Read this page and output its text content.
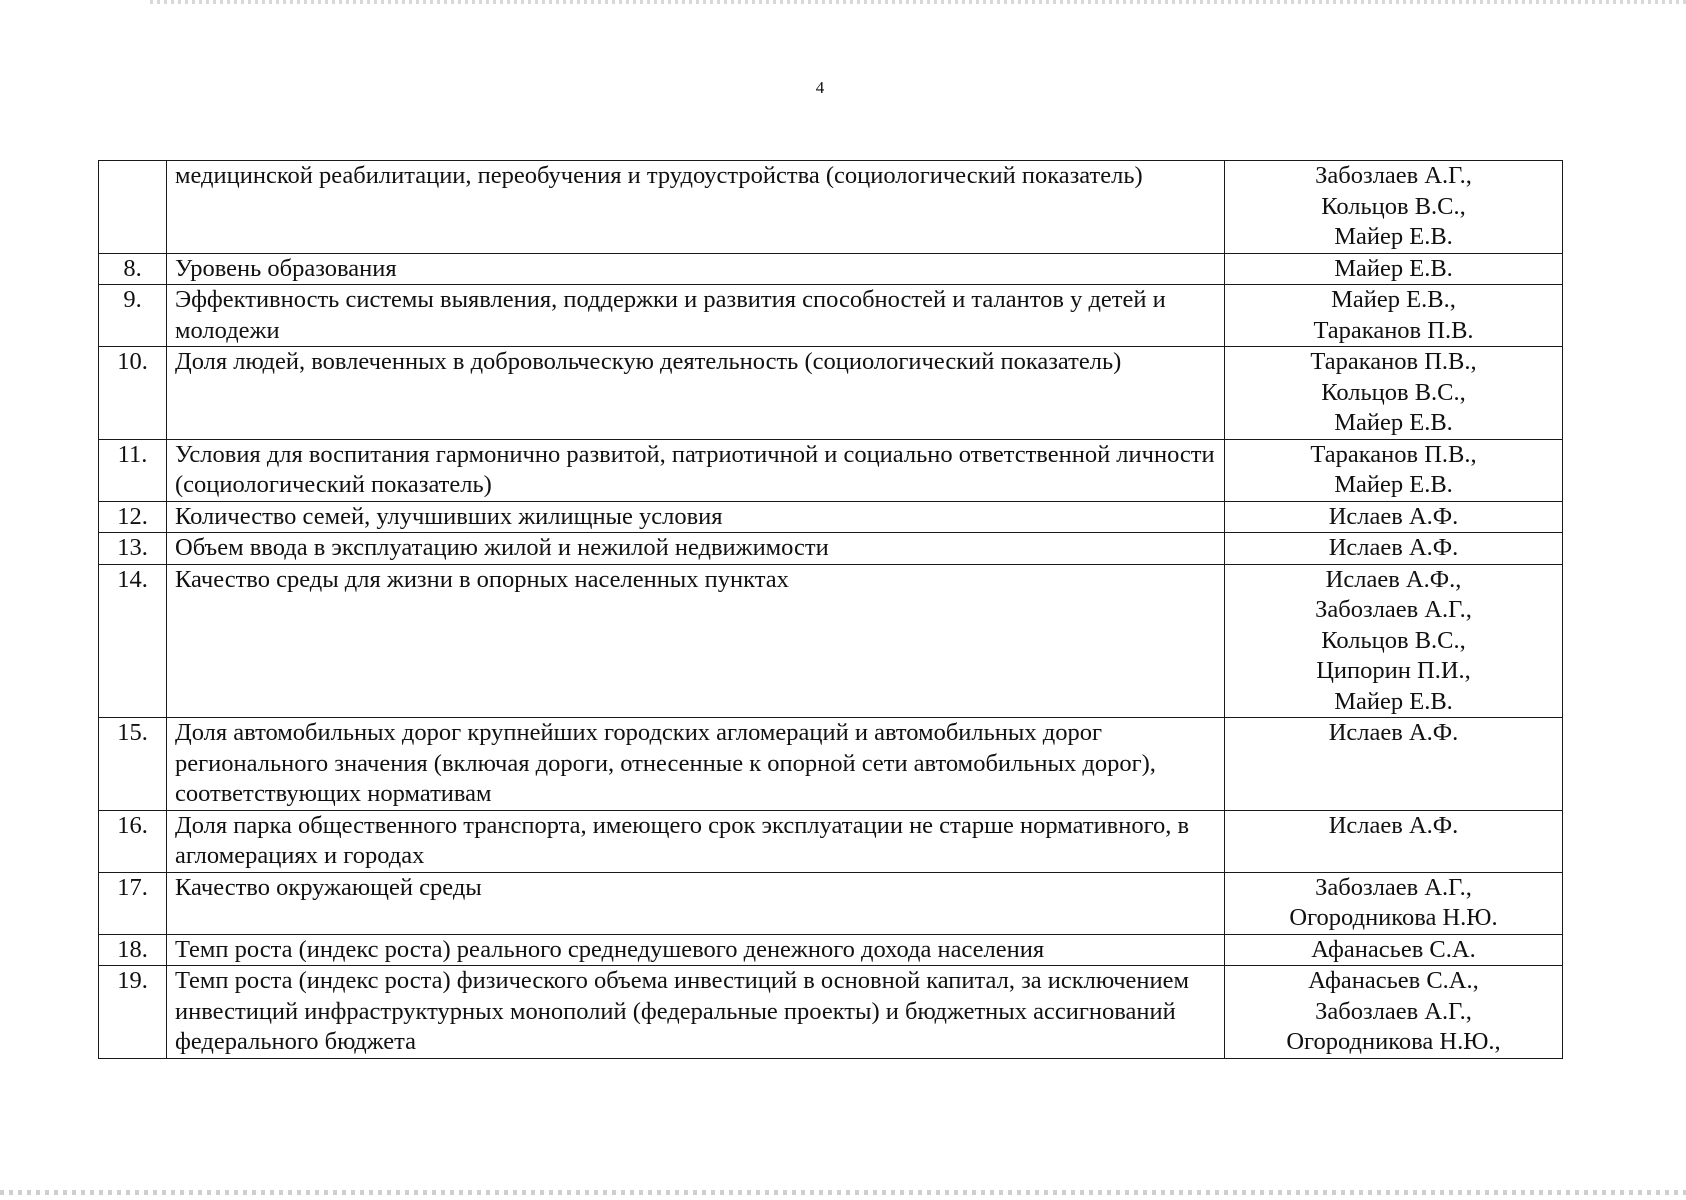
4
	медицинской реабилитации, переобучения и трудоустройства (социологический показатель)	Забозлаев А.Г.,
Кольцов В.С.,
Майер Е.В.

8.	Уровень образования	Майер Е.В.

9.	Эффективность системы выявления, поддержки и развития способностей и талантов у детей и молодежи	Майер Е.В.,
Тараканов П.В.

10.	Доля людей, вовлеченных в добровольческую деятельность (социологический показатель)	Тараканов П.В.,
Кольцов В.С.,
Майер Е.В.

11.	Условия для воспитания гармонично развитой, патриотичной и социально ответственной личности (социологический показатель)	Тараканов П.В.,
Майер Е.В.

12.	Количество семей, улучшивших жилищные условия	Ислаев А.Ф.

13.	Объем ввода в эксплуатацию жилой и нежилой недвижимости	Ислаев А.Ф.

14.	Качество среды для жизни в опорных населенных пунктах	Ислаев А.Ф.,
Забозлаев А.Г.,
Кольцов В.С.,
Ципорин П.И.,
Майер Е.В.

15.	Доля автомобильных дорог крупнейших городских агломераций и автомобильных дорог регионального значения (включая дороги, отнесенные к опорной сети автомобильных дорог), соответствующих нормативам	Ислаев А.Ф.

16.	Доля парка общественного транспорта, имеющего срок эксплуатации не старше нормативного, в агломерациях и городах	Ислаев А.Ф.

17.	Качество окружающей среды	Забозлаев А.Г.,
Огородникова Н.Ю.

18.	Темп роста (индекс роста) реального среднедушевого денежного дохода населения	Афанасьев С.А.

19.	Темп роста (индекс роста) физического объема инвестиций в основной капитал, за исключением инвестиций инфраструктурных монополий (федеральные проекты) и бюджетных ассигнований федерального бюджета	Афанасьев С.А.,
Забозлаев А.Г.,
Огородникова Н.Ю.,
